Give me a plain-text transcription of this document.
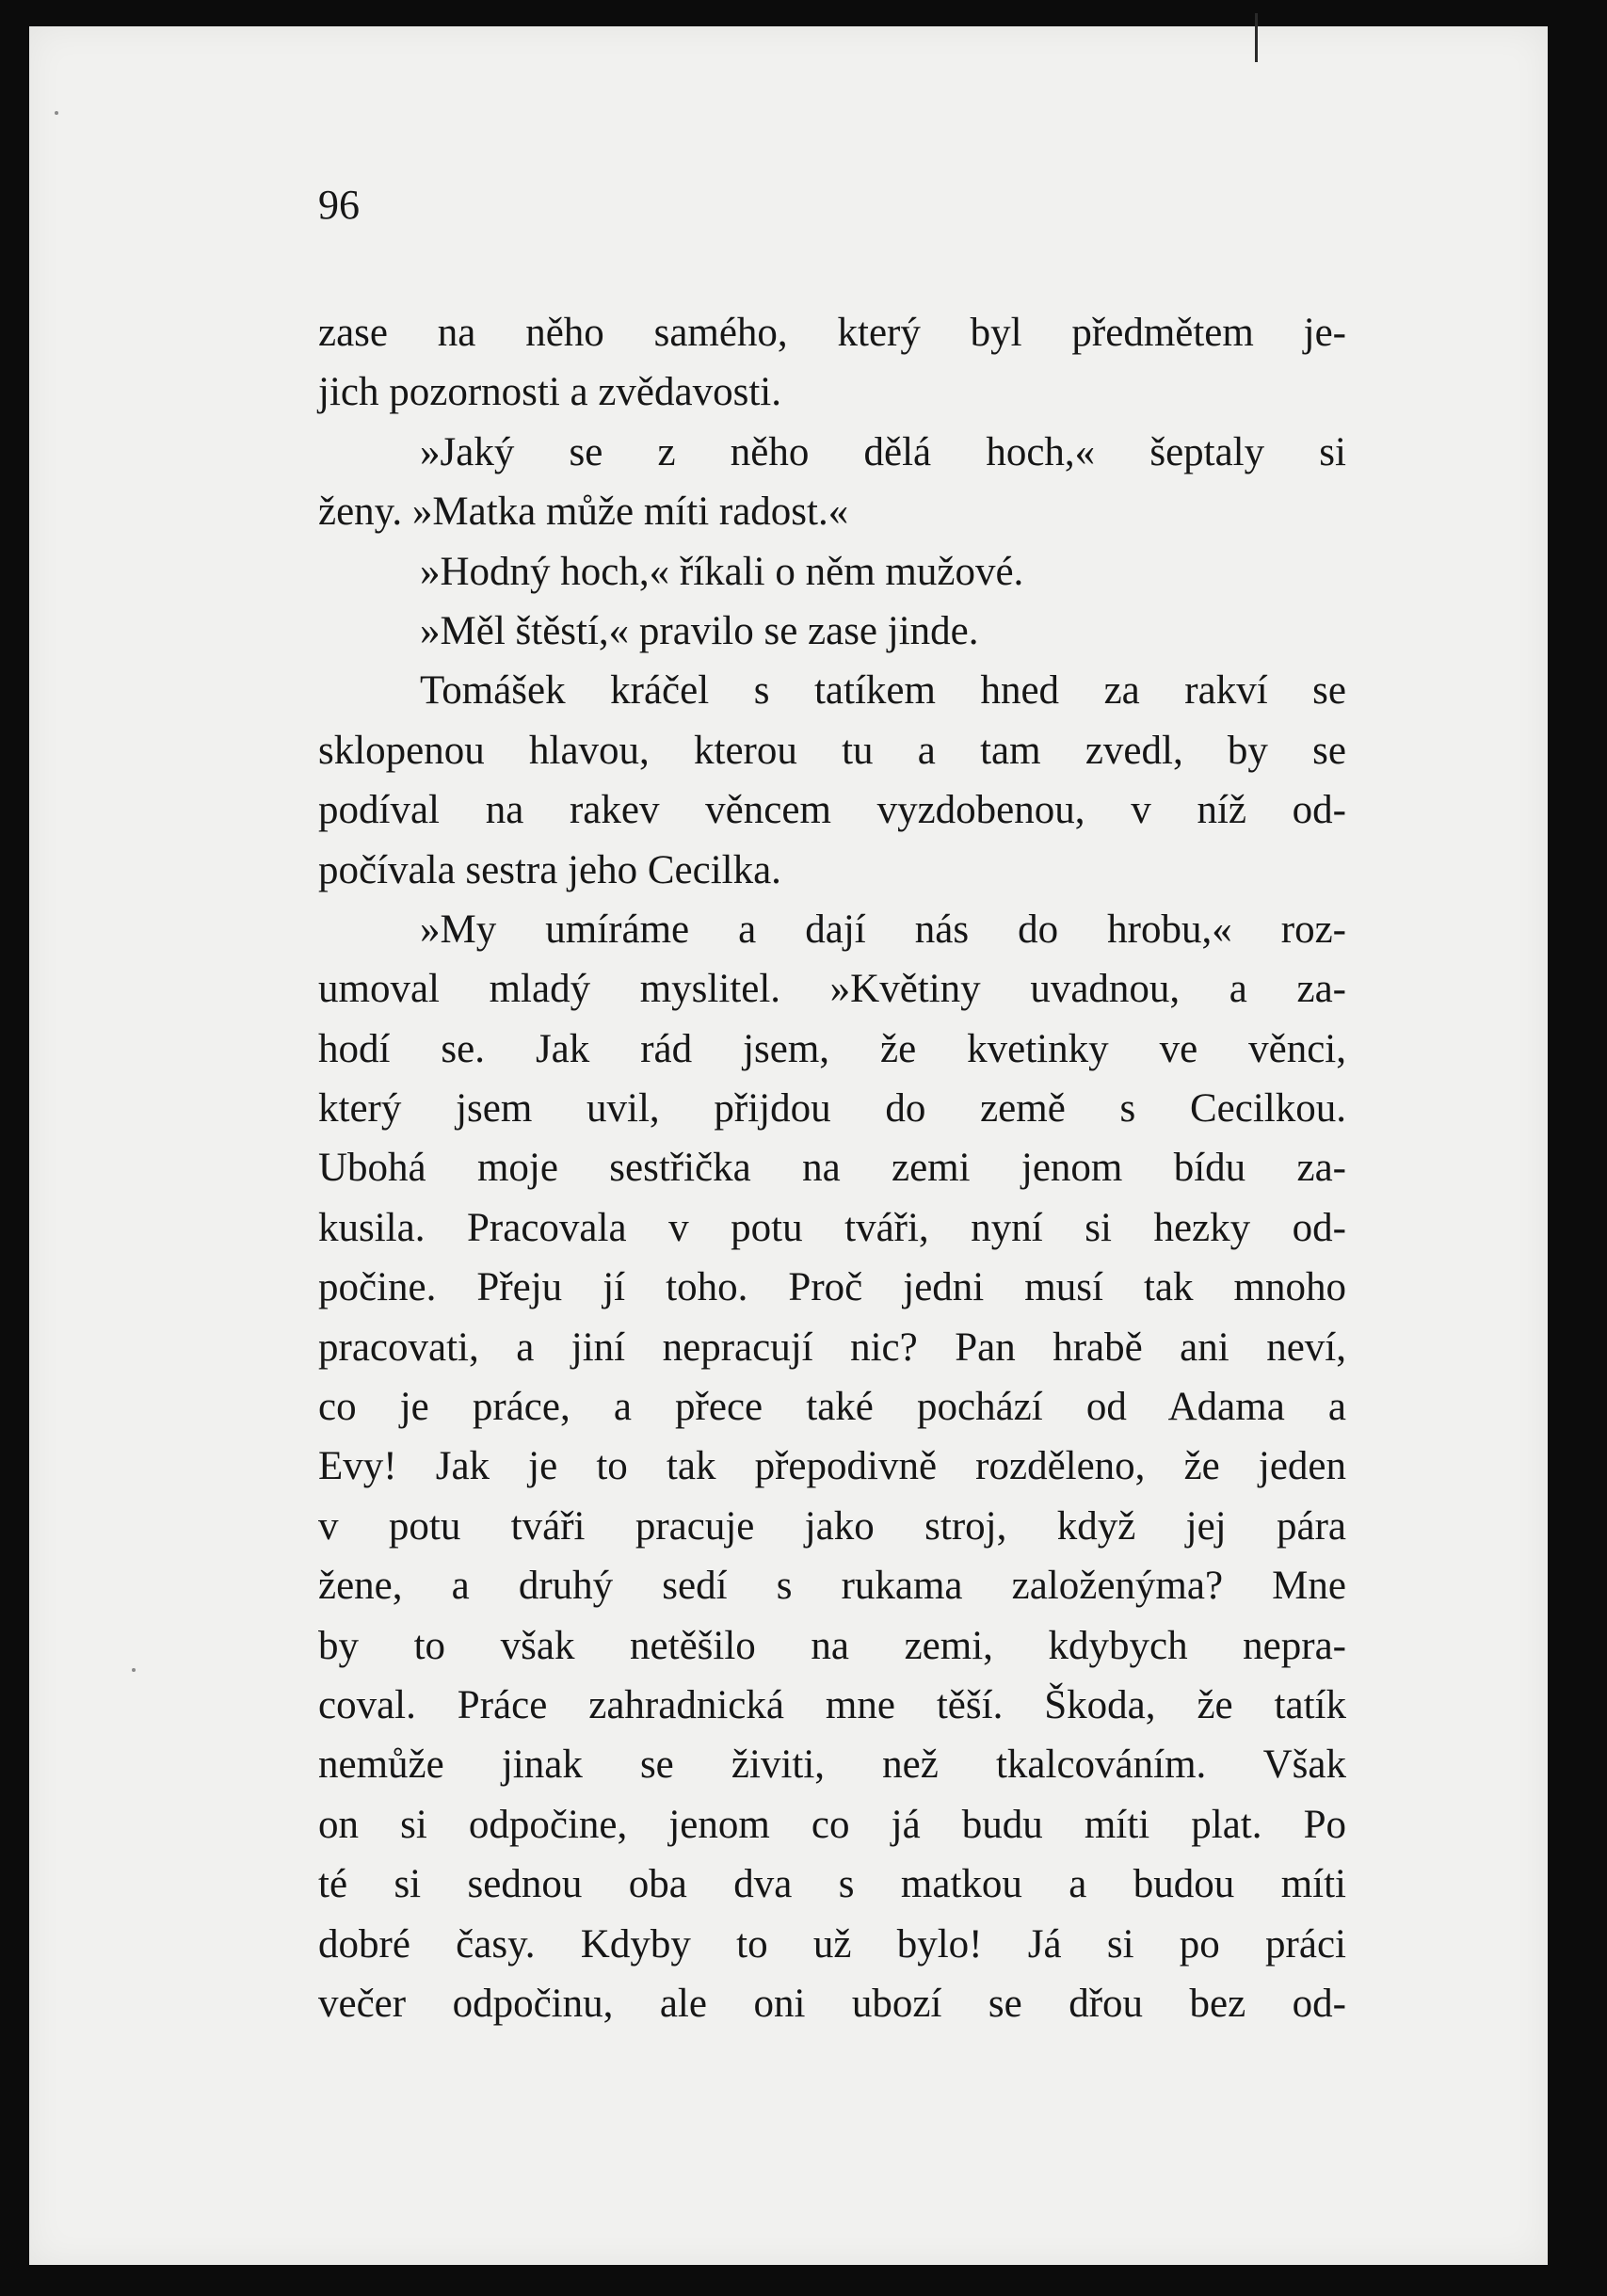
96

zase na něho samého, který byl předmětem je-
jich pozornosti a zvědavosti.
»Jaký se z něho dělá hoch,« šeptaly si
ženy. »Matka může míti radost.«
»Hodný hoch,« říkali o něm mužové.
»Měl štěstí,« pravilo se zase jinde.
Tomášek kráčel s tatíkem hned za rakví se
sklopenou hlavou, kterou tu a tam zvedl, by se
podíval na rakev věncem vyzdobenou, v níž od-
počívala sestra jeho Cecilka.
»My umíráme a dají nás do hrobu,« roz-
umoval mladý myslitel. »Květiny uvadnou, a za-
hodí se. Jak rád jsem, že kvetinky ve věnci,
který jsem uvil, přijdou do země s Cecilkou.
Ubohá moje sestřička na zemi jenom bídu za-
kusila. Pracovala v potu tváři, nyní si hezky od-
počine. Přeju jí toho. Proč jedni musí tak mnoho
pracovati, a jiní nepracují nic? Pan hrabě ani neví,
co je práce, a přece také pochází od Adama a
Evy! Jak je to tak přepodivně rozděleno, že jeden
v potu tváři pracuje jako stroj, když jej pára
žene, a druhý sedí s rukama založenýma? Mne
by to však netěšilo na zemi, kdybych nepra-
coval. Práce zahradnická mne těší. Škoda, že tatík
nemůže jinak se živiti, než tkalcováním. Však
on si odpočine, jenom co já budu míti plat. Po
té si sednou oba dva s matkou a budou míti
dobré časy. Kdyby to už bylo! Já si po práci
večer odpočinu, ale oni ubozí se dřou bez od-
